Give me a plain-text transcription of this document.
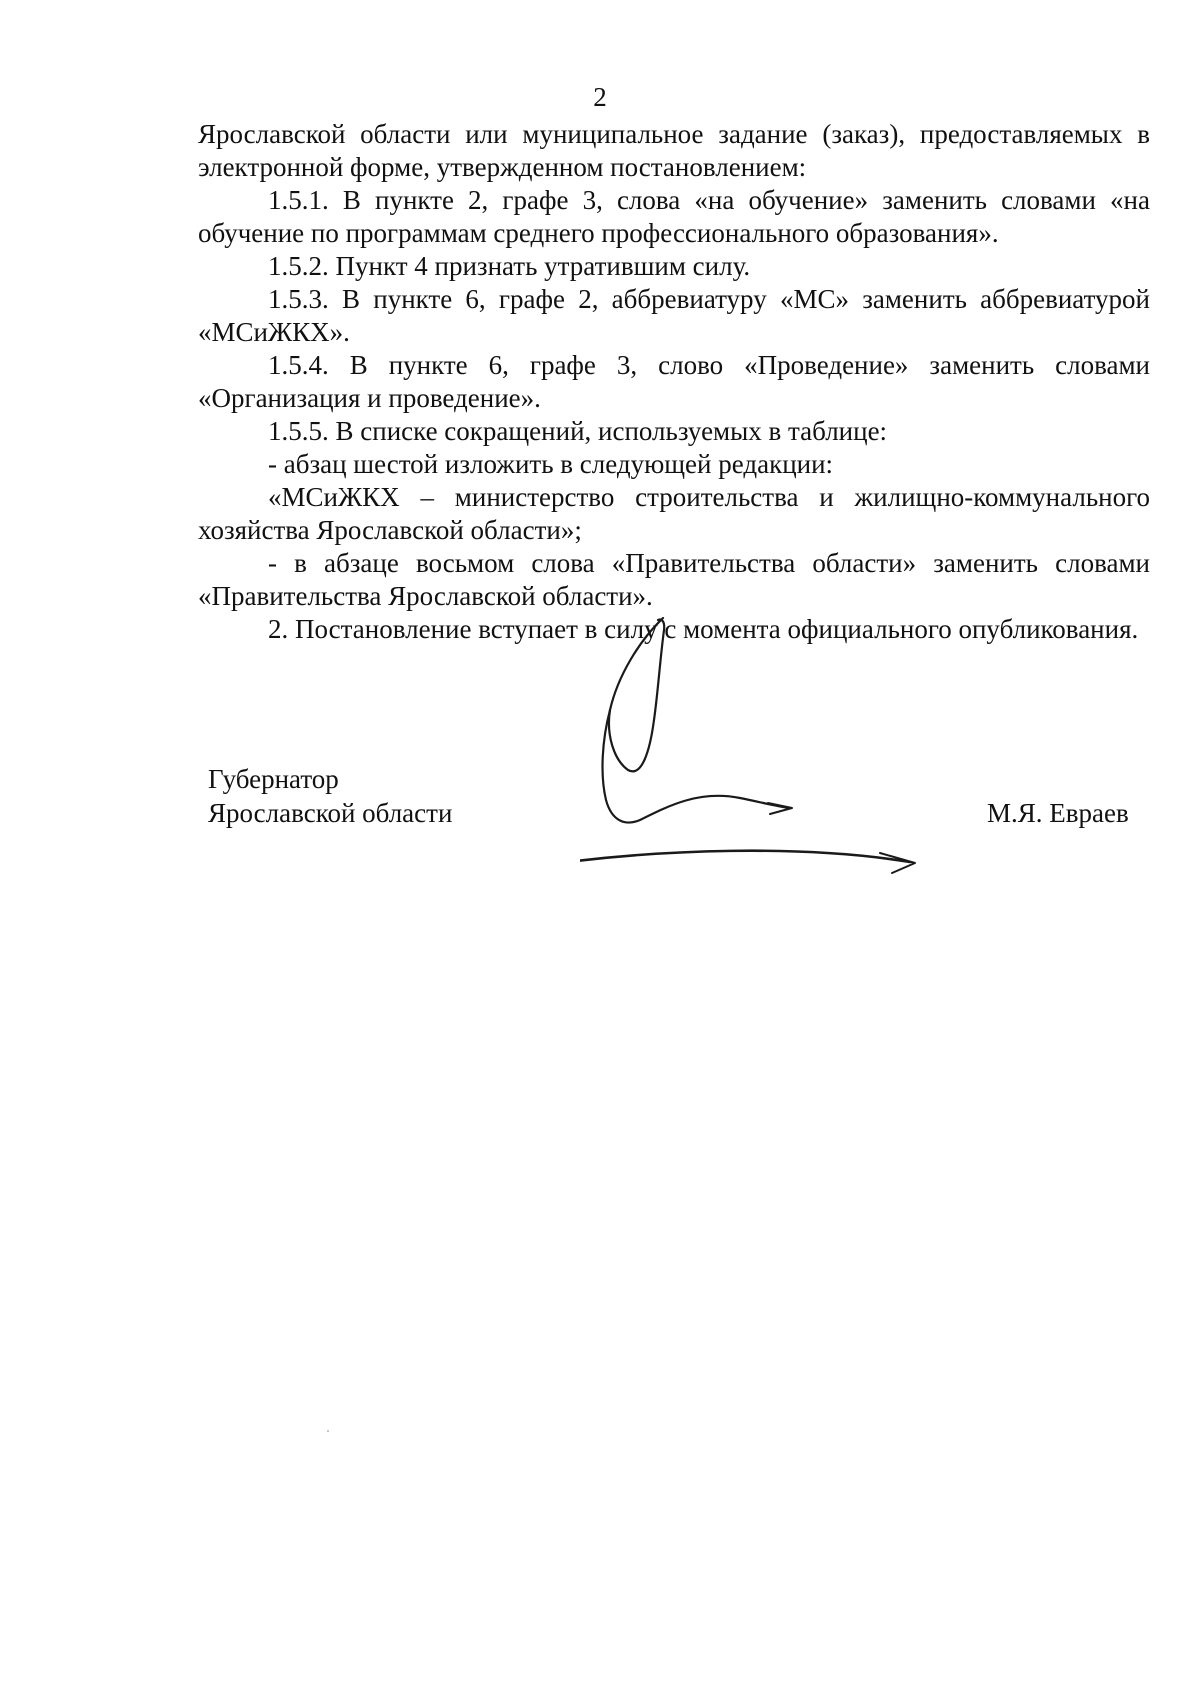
2

Ярославской области или муниципальное задание (заказ), предоставляемых в электронной форме, утвержденном постановлением:

1.5.1. В пункте 2, графе 3, слова «на обучение» заменить словами «на обучение по программам среднего профессионального образования».

1.5.2. Пункт 4 признать утратившим силу.

1.5.3. В пункте 6, графе 2, аббревиатуру «МС» заменить аббревиатурой «МСиЖКХ».

1.5.4. В пункте 6, графе 3, слово «Проведение» заменить словами «Организация и проведение».

1.5.5. В списке сокращений, используемых в таблице:

- абзац шестой изложить в следующей редакции:

«МСиЖКХ – министерство строительства и жилищно-коммунального хозяйства Ярославской области»;

- в абзаце восьмом слова «Правительства области» заменить словами «Правительства Ярославской области».

2. Постановление вступает в силу с момента официального опубликования.

Губернатор
Ярославской области	М.Я. Евраев
